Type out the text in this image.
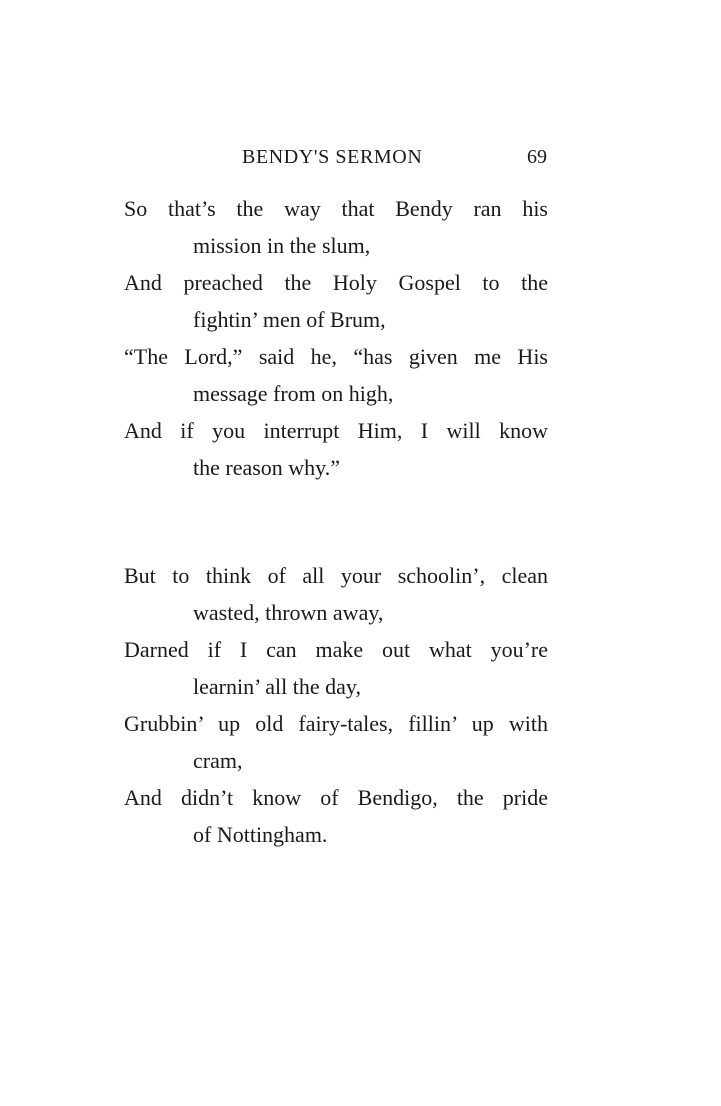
BENDY'S SERMON	69
So that’s the way that Bendy ran his
mission in the slum,
And preached the Holy Gospel to the
fightin’ men of Brum,
“The Lord,” said he, “has given me His
message from on high,
And if you interrupt Him, I will know
the reason why.”
But to think of all your schoolin’, clean
wasted, thrown away,
Darned if I can make out what you’re
learnin’ all the day,
Grubbin’ up old fairy-tales, fillin’ up with
cram,
And didn’t know of Bendigo, the pride
of Nottingham.
